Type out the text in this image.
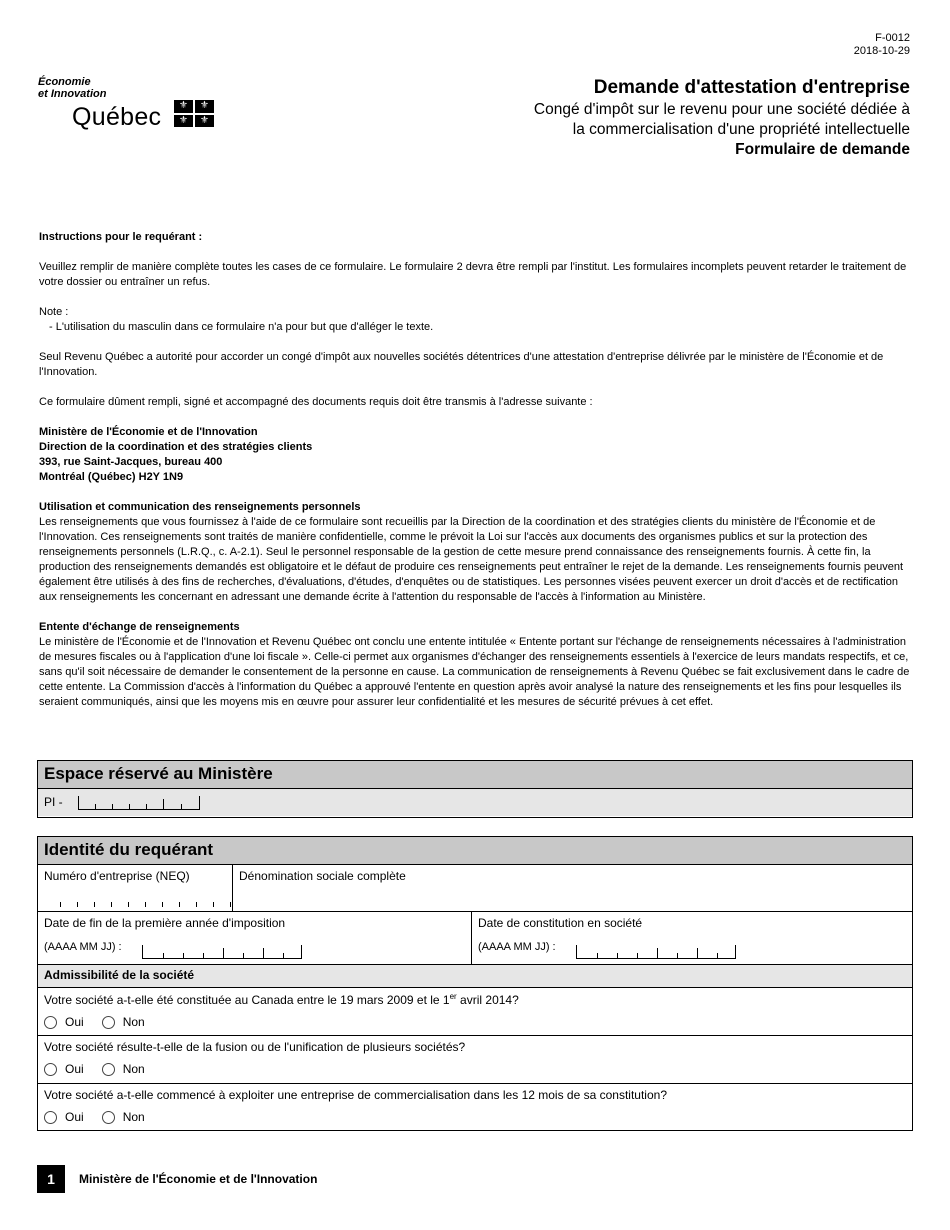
F-0012
2018-10-29
Économie
et Innovation
Québec	⚜	⚜
⚜	⚜
Demande d'attestation d'entreprise
Congé d'impôt sur le revenu pour une société dédiée à
la commercialisation d'une propriété intellectuelle
Formulaire de demande

Instructions pour le requérant :

Veuillez remplir de manière complète toutes les cases de ce formulaire. Le formulaire 2 devra être rempli par l'institut. Les formulaires incomplets peuvent retarder le traitement de votre dossier ou entraîner un refus.

Note :

- L'utilisation du masculin dans ce formulaire n'a pour but que d'alléger le texte.

Seul Revenu Québec a autorité pour accorder un congé d'impôt aux nouvelles sociétés détentrices d'une attestation d'entreprise délivrée par le ministère de l'Économie et de l'Innovation.

Ce formulaire dûment rempli, signé et accompagné des documents requis doit être transmis à l'adresse suivante :

Ministère de l'Économie et de l'Innovation

Direction de la coordination et des stratégies clients

393, rue Saint-Jacques, bureau 400

Montréal (Québec) H2Y 1N9

Utilisation et communication des renseignements personnels

Les renseignements que vous fournissez à l'aide de ce formulaire sont recueillis par la Direction de la coordination et des stratégies clients du ministère de l'Économie et de l'Innovation. Ces renseignements sont traités de manière confidentielle, comme le prévoit la Loi sur l'accès aux documents des organismes publics et sur la protection des renseignements personnels (L.R.Q., c. A-2.1). Seul le personnel responsable de la gestion de cette mesure prend connaissance des renseignements fournis. À cette fin, la production des renseignements demandés est obligatoire et le défaut de produire ces renseignements peut entraîner le rejet de la demande. Les renseignements fournis peuvent également être utilisés à des fins de recherches, d'évaluations, d'études, d'enquêtes ou de statistiques. Les personnes visées peuvent exercer un droit d'accès et de rectification aux renseignements les concernant en adressant une demande écrite à l'attention du responsable de l'accès à l'information au Ministère.

Entente d'échange de renseignements

Le ministère de l'Économie et de l'Innovation et Revenu Québec ont conclu une entente intitulée « Entente portant sur l'échange de renseignements nécessaires à l'administration de mesures fiscales ou à l'application d'une loi fiscale ». Celle-ci permet aux organismes d'échanger des renseignements essentiels à l'exercice de leurs mandats respectifs, et ce, sans qu'il soit nécessaire de demander le consentement de la personne en cause. La communication de renseignements à Revenu Québec se fait exclusivement dans le cadre de cette entente. La Commission d'accès à l'information du Québec a approuvé l'entente en question après avoir analysé la nature des renseignements et les fins pour lesquelles ils seraient communiqués, ainsi que les moyens mis en œuvre pour assurer leur confidentialité et les mesures de sécurité prévues à cet effet.

Espace réservé au Ministère
PI -
Identité du requérant
Numéro d'entreprise (NEQ)	Dénomination sociale complète
Date de fin de la première année d'imposition
(AAAA MM JJ) :
Date de constitution en société
(AAAA MM JJ) :
Admissibilité de la société
Votre société a-t-elle été constituée au Canada entre le 19 mars 2009 et le 1er avril 2014?
Oui	Non
Votre société résulte-t-elle de la fusion ou de l'unification de plusieurs sociétés?
Oui	Non
Votre société a-t-elle commencé à exploiter une entreprise de commercialisation dans les 12 mois de sa constitution?
Oui	Non
1	Ministère de l'Économie et de l'Innovation
